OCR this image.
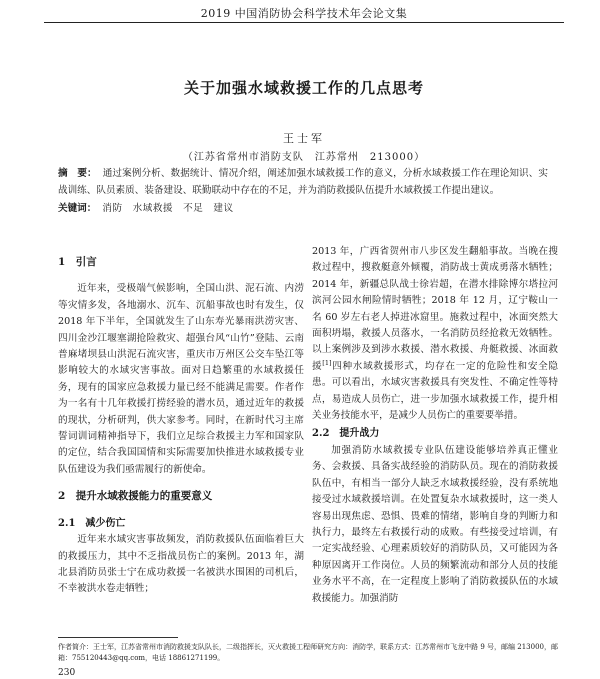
2019 中国消防协会科学技术年会论文集
关于加强水域救援工作的几点思考
王士军
（江苏省常州市消防支队　江苏常州　213000）

摘　要： 通过案例分析、数据统计、情况介绍，阐述加强水域救援工作的意义，分析水域救援工作在理论知识、实战训练、队员素质、装备建设、联勤联动中存在的不足，并为消防救援队伍提升水域救援工作提出建议。

关键词： 消防　水域救援　不足　建议

1　引言

近年来，受极端气候影响，全国山洪、泥石流、内涝等灾情多发，各地溺水、沉车、沉船事故也时有发生，仅 2018 年下半年，全国就发生了山东寿光暴雨洪涝灾害、四川金沙江堰塞湖抢险救灾、超强台风“山竹”登陆、云南普麻堵坝县山洪泥石流灾害，重庆市万州区公交车坠江等影响较大的水域灾害事故。面对日趋繁重的水域救援任务，现有的国家应急救援力量已经不能满足需要。作者作为一名有十几年救援打捞经验的潜水员，通过近年的救援的现状，分析研判，供大家参考。同时，在新时代习主席誓词训词精神指导下，我们立足综合救援主力军和国家队的定位，结合我国国情和实际需要加快推进水域救援专业队伍建设为我们亟需履行的新使命。

2　提升水域救援能力的重要意义
2.1　减少伤亡

近年来水域灾害事故频发，消防救援队伍面临着巨大的救援压力，其中不乏指战员伤亡的案例。2013 年，湖北县消防员张士宁在成功救援一名被洪水围困的司机后，不幸被洪水卷走牺牲；

2013 年，广西省贺州市八步区发生翻船事故。当晚在搜救过程中，搜救艇意外倾覆，消防战士黄成勇落水牺牲；2014 年，新疆总队战士徐岩超，在潜水排除博尔塔拉河滨河公园水闸险情时牺牲；2018 年 12 月，辽宁鞍山一名 60 岁左右老人掉进冰窟里。施救过程中，冰面突然大面积坍塌，救援人员落水，一名消防员经抢救无效牺牲。以上案例涉及到涉水救援、潜水救援、舟艇救援、冰面救援[1]四种水域救援形式，均存在一定的危险性和安全隐患。可以看出，水域灾害救援具有突发性、不确定性等特点，易造成人员伤亡，进一步加强水域救援工作，提升相关业务技能水平，是减少人员伤亡的重要要举措。

2.2　提升战力

加强消防水域救援专业队伍建设能够培养真正懂业务、会救援、具备实战经验的消防队员。现在的消防救援队伍中，有相当一部分人缺乏水域救援经验，没有系统地接受过水域救援培训。在处置复杂水域救援时，这一类人容易出现焦虑、恐惧、畏难的情绪，影响自身的判断力和执行力，最终左右救援行动的成败。有些接受过培训，有一定实战经验、心理素质较好的消防队员，又可能因为各种原因离开工作岗位。人员的频繁流动和部分人员的技能业务水平不高，在一定程度上影响了消防救援队伍的水域救援能力。加强消防

作者简介：王士军，江苏省常州市消防救援支队队长，二级指挥长，灭火救援工程师研究方向：消防学，联系方式：江苏常州市飞龙中路 9 号，邮编 213000，邮箱：755120443@qq.com，电话 18861271199。
230
